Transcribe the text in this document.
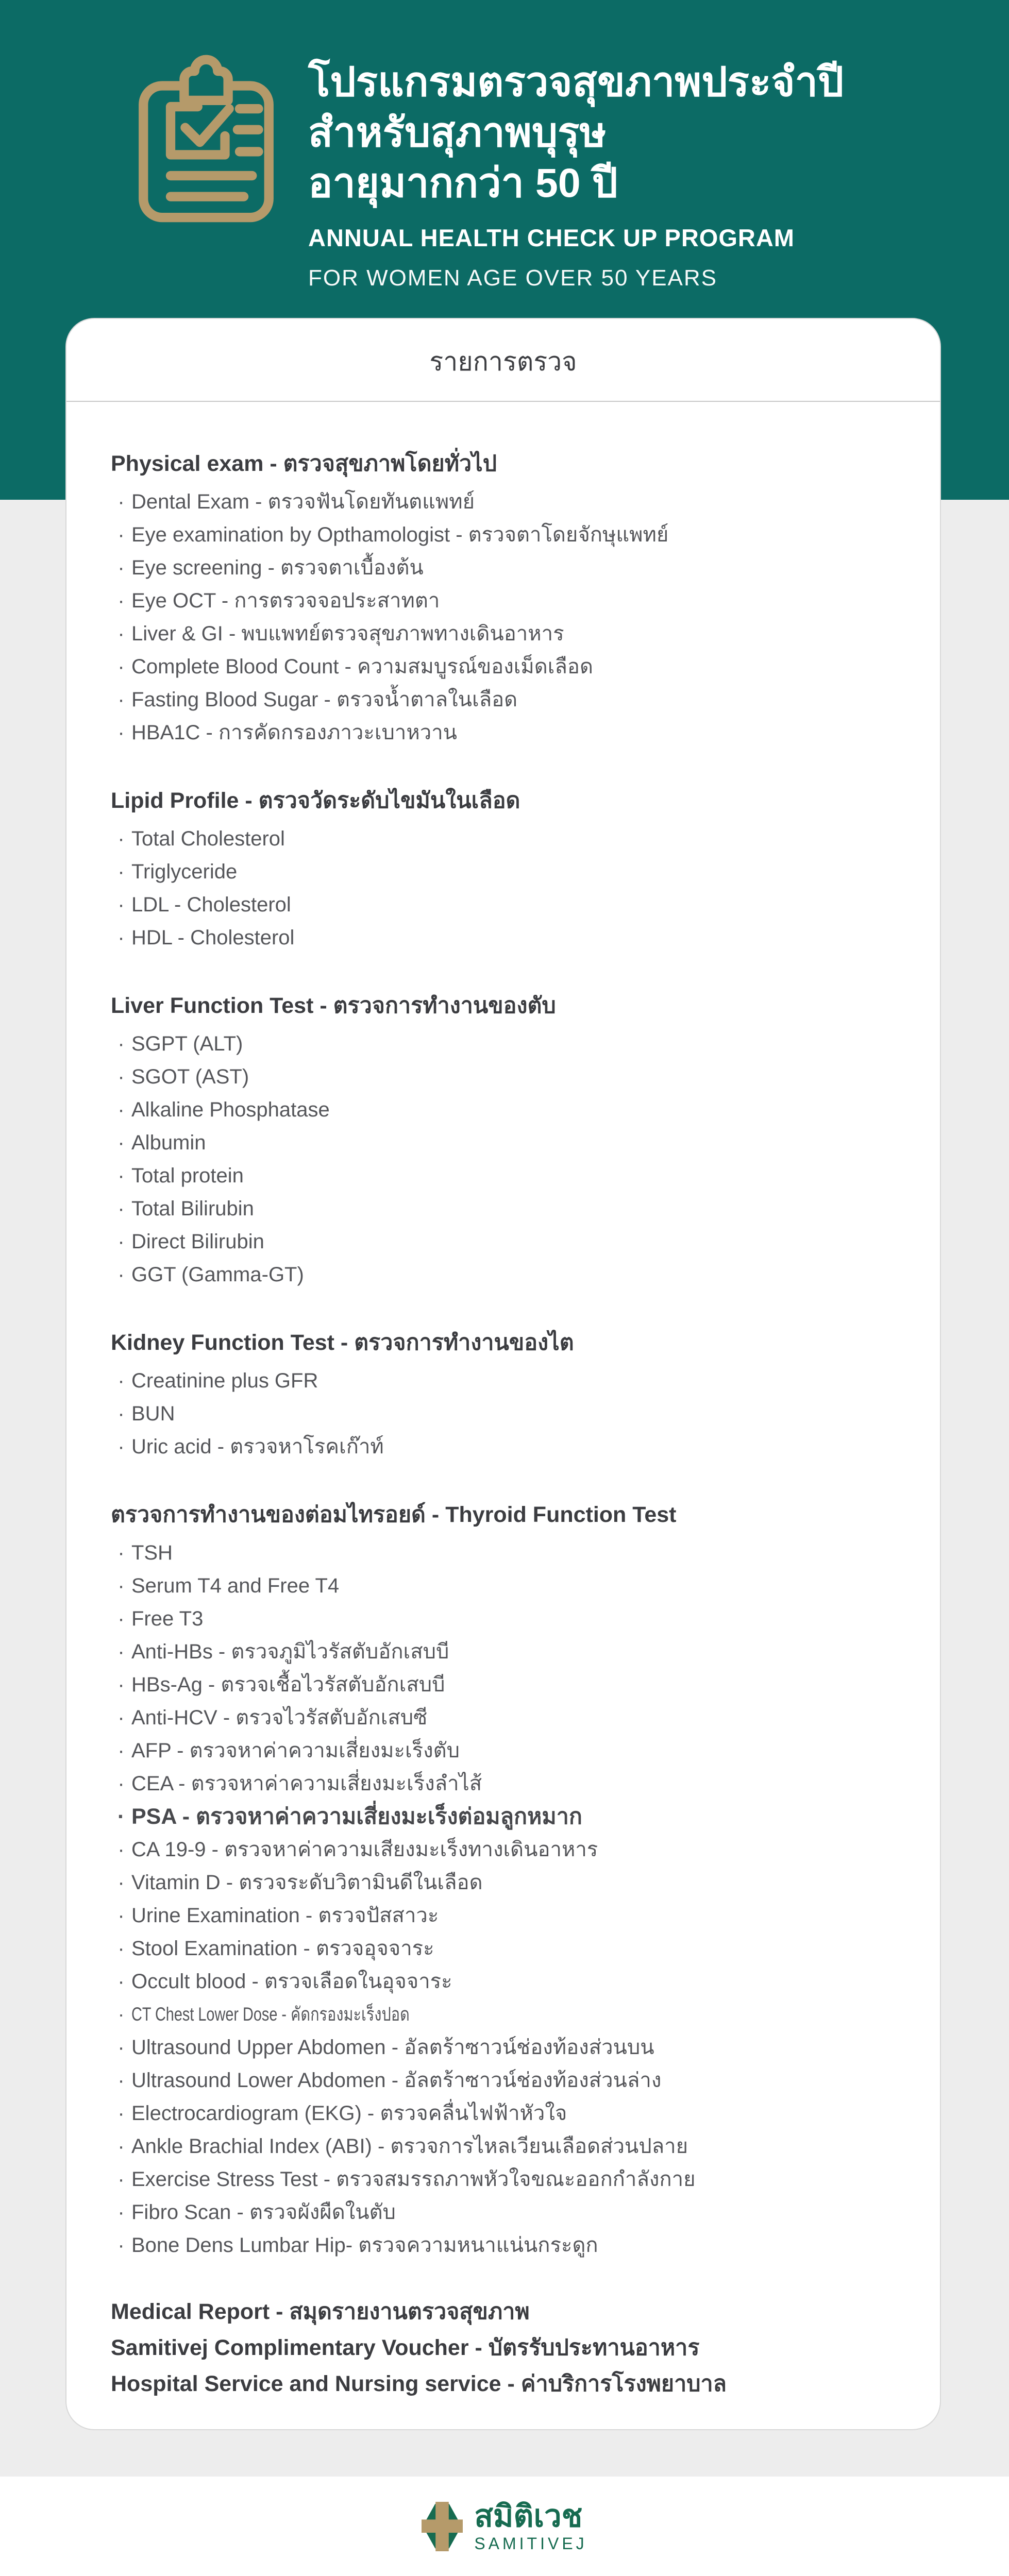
โปรแกรมตรวจสุขภาพประจำปี
สำหรับสุภาพบุรุษ
อายุมากกว่า 50 ปี
ANNUAL HEALTH CHECK UP PROGRAM
FOR WOMEN AGE OVER 50 YEARS
รายการตรวจ
Physical exam - ตรวจสุขภาพโดยทั่วไป
· Dental Exam - ตรวจฟันโดยทันตแพทย์
· Eye examination by Opthamologist - ตรวจตาโดยจักษุแพทย์
· Eye screening - ตรวจตาเบื้องต้น
· Eye OCT - การตรวจจอประสาทตา
· Liver & GI - พบแพทย์ตรวจสุขภาพทางเดินอาหาร
· Complete Blood Count - ความสมบูรณ์ของเม็ดเลือด
· Fasting Blood Sugar - ตรวจน้ำตาลในเลือด
· HBA1C - การคัดกรองภาวะเบาหวาน
Lipid Profile - ตรวจวัดระดับไขมันในเลือด
· Total Cholesterol
· Triglyceride
· LDL - Cholesterol
· HDL - Cholesterol
Liver Function Test - ตรวจการทำงานของตับ
· SGPT (ALT)
· SGOT (AST)
· Alkaline Phosphatase
· Albumin
· Total protein
· Total Bilirubin
· Direct Bilirubin
· GGT (Gamma-GT)
Kidney Function Test - ตรวจการทำงานของไต
· Creatinine plus GFR
· BUN
· Uric acid - ตรวจหาโรคเก๊าท์
ตรวจการทำงานของต่อมไทรอยด์ - Thyroid Function Test
· TSH
· Serum T4 and Free T4
· Free T3
· Anti-HBs - ตรวจภูมิไวรัสตับอักเสบบี
· HBs-Ag - ตรวจเชื้อไวรัสตับอักเสบบี
· Anti-HCV - ตรวจไวรัสตับอักเสบซี
· AFP - ตรวจหาค่าความเสี่ยงมะเร็งตับ
· CEA - ตรวจหาค่าความเสี่ยงมะเร็งลำไส้
· PSA - ตรวจหาค่าความเสี่ยงมะเร็งต่อมลูกหมาก
· CA 19-9 - ตรวจหาค่าความเสียงมะเร็งทางเดินอาหาร
· Vitamin D - ตรวจระดับวิตามินดีในเลือด
· Urine Examination - ตรวจปัสสาวะ
· Stool Examination - ตรวจอุจจาระ
· Occult blood - ตรวจเลือดในอุจจาระ
· CT Chest Lower Dose - คัดกรองมะเร็งปอด
· Ultrasound Upper Abdomen - อัลตร้าซาวน์ช่องท้องส่วนบน
· Ultrasound Lower Abdomen - อัลตร้าซาวน์ช่องท้องส่วนล่าง
· Electrocardiogram (EKG) - ตรวจคลื่นไฟฟ้าหัวใจ
· Ankle Brachial Index (ABI) - ตรวจการไหลเวียนเลือดส่วนปลาย
· Exercise Stress Test - ตรวจสมรรถภาพหัวใจขณะออกกำลังกาย
· Fibro Scan - ตรวจผังผืดในตับ
· Bone Dens Lumbar Hip- ตรวจความหนาแน่นกระดูก
Medical Report - สมุดรายงานตรวจสุขภาพ
Samitivej Complimentary Voucher - บัตรรับประทานอาหาร
Hospital Service and Nursing service - ค่าบริการโรงพยาบาล
สมิติเวช
SAMITIVEJ
